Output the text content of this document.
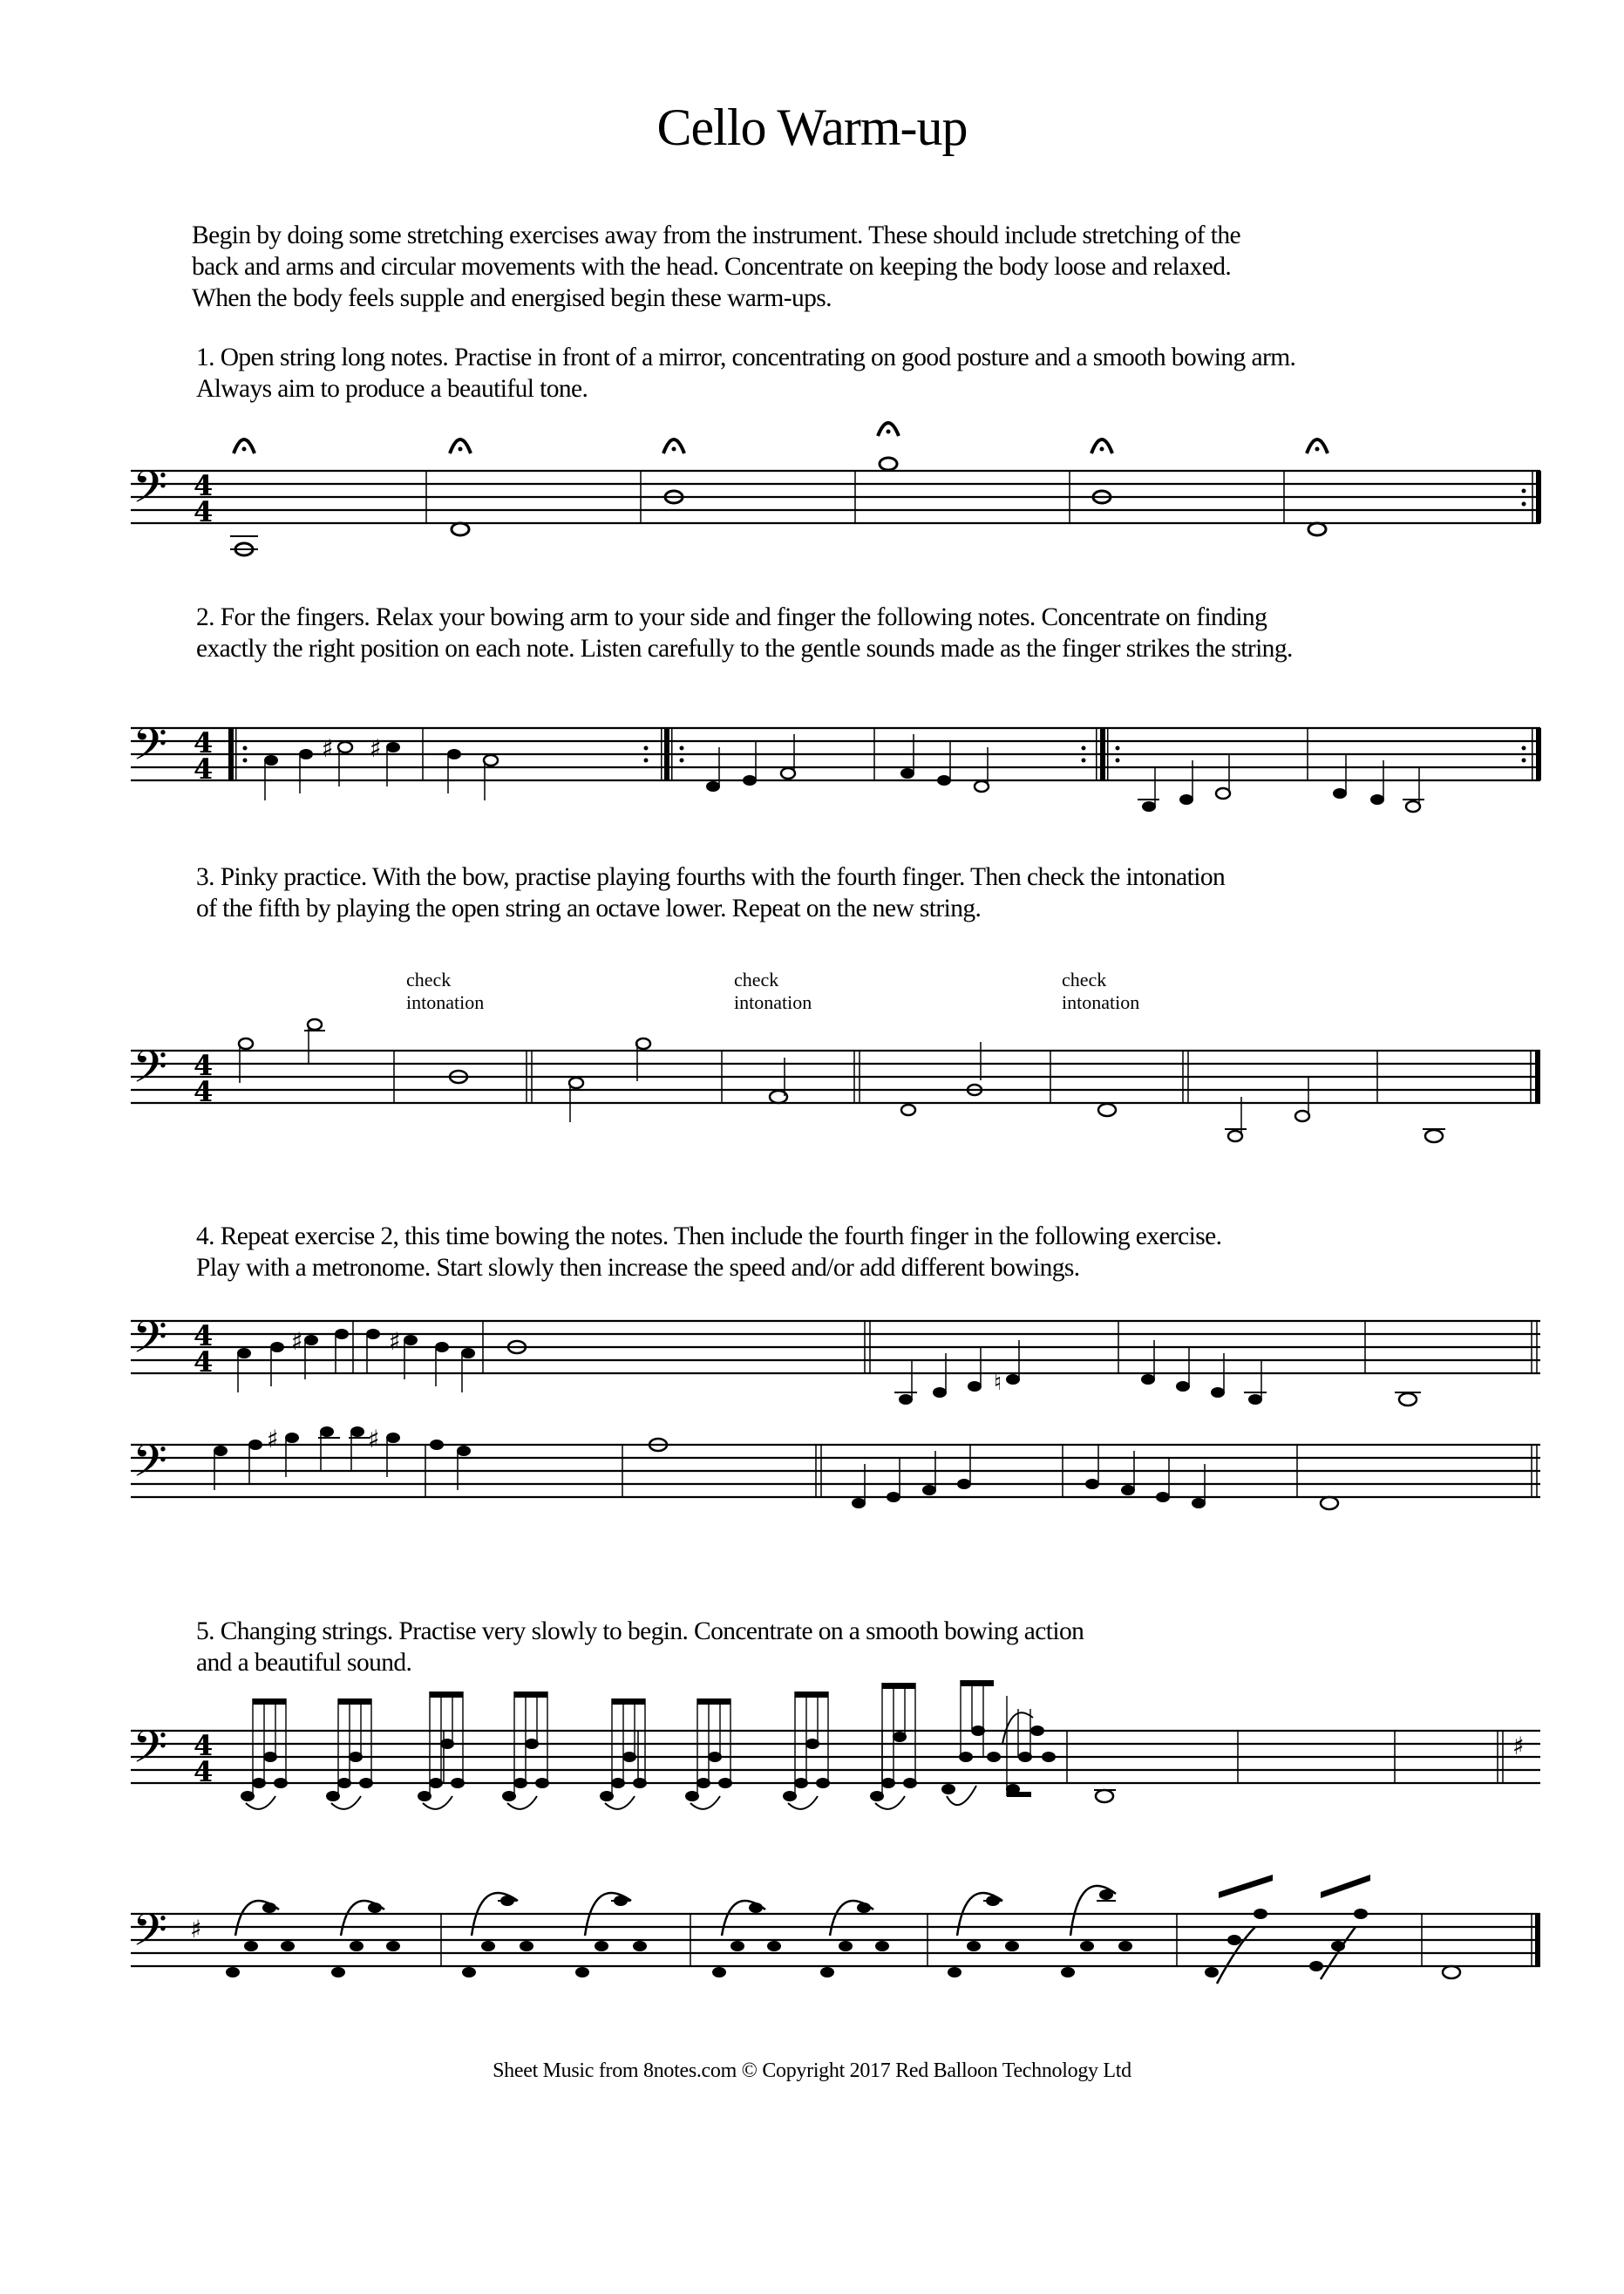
Cello Warm-up
Begin by doing some stretching exercises away from the instrument. These should include stretching of the
back and arms and circular movements with the head. Concentrate on keeping the body loose and relaxed.
When the body feels supple and energised begin these warm-ups.
1. Open string long notes. Practise in front of a mirror, concentrating on good posture and a smooth bowing arm.
Always aim to produce a beautiful tone.
𝄢 4
4
2. For the fingers. Relax your bowing arm to your side and finger the following notes. Concentrate on finding
exactly the right position on each note. Listen carefully to the gentle sounds made as the finger strikes the string.
𝄢 4
4
♯ ♯
3. Pinky practice. With the bow, practise playing fourths with the fourth finger. Then check the intonation
of the fifth by playing the open string an octave lower. Repeat on the new string.
check
intonation
check
intonation
check
intonation
𝄢 4
4
4. Repeat exercise 2, this time bowing the notes. Then include the fourth finger in the following exercise.
Play with a metronome. Start slowly then increase the speed and/or add different bowings.
𝄢 4
4
♯	♯
♮
𝄢	♯	♯
5. Changing strings. Practise very slowly to begin. Concentrate on a smooth bowing action
and a beautiful sound.
𝄢 4
4
♯
𝄢 ♯
Sheet Music from 8notes.com © Copyright 2017 Red Balloon Technology Ltd
